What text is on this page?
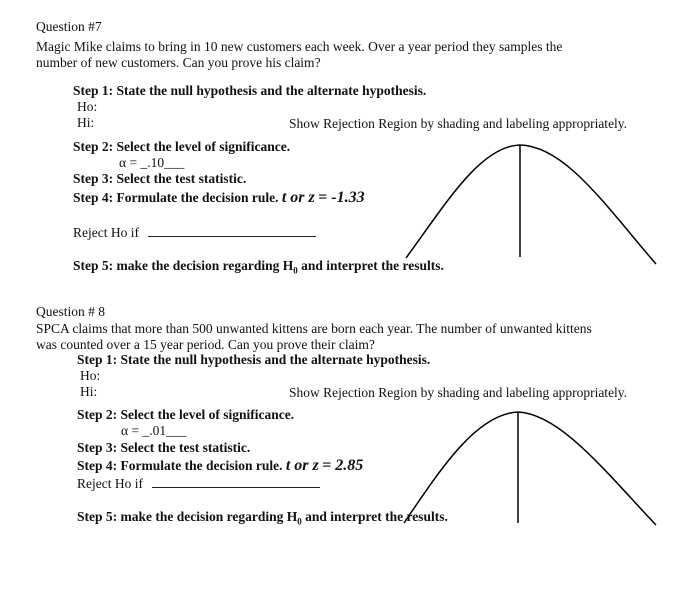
Question #7
Magic Mike claims to bring in 10 new customers each week. Over a year period they samples the
number of new customers. Can you prove his claim?
Step 1: State the null hypothesis and the alternate hypothesis.
Ho:
Hi:	Show Rejection Region by shading and labeling appropriately.
Step 2: Select the level of significance.
α = _.10___
Step 3: Select the test statistic.
Step 4: Formulate the decision rule. t or z = -1.33
Reject Ho if
Step 5: make the decision regarding $H_0$ and interpret the results.
Question # 8
SPCA claims that more than 500 unwanted kittens are born each year. The number of unwanted kittens
was counted over a 15 year period. Can you prove their claim?
Step 1: State the null hypothesis and the alternate hypothesis.
Ho:
Hi:	Show Rejection Region by shading and labeling appropriately.
Step 2: Select the level of significance.
α = _.01___
Step 3: Select the test statistic.
Step 4: Formulate the decision rule. t or z = 2.85
Reject Ho if
Step 5: make the decision regarding $H_0$ and interpret the results.
